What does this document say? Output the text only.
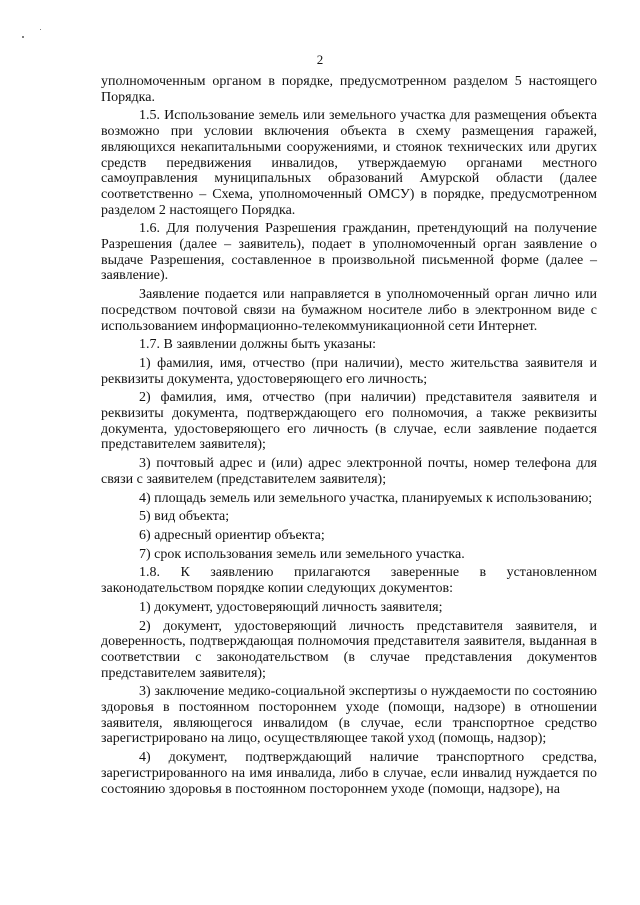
2

уполномоченным органом в порядке, предусмотренном разделом 5 настоящего Порядка.

1.5. Использование земель или земельного участка для размещения объекта возможно при условии включения объекта в схему размещения гаражей, являющихся некапитальными сооружениями, и стоянок технических или других средств передвижения инвалидов, утверждаемую органами местного самоуправления муниципальных образований Амурской области (далее соответственно – Схема, уполномоченный ОМСУ) в порядке, предусмотренном разделом 2 настоящего Порядка.

1.6. Для получения Разрешения гражданин, претендующий на получение Разрешения (далее – заявитель), подает в уполномоченный орган заявление о выдаче Разрешения, составленное в произвольной письменной форме (далее – заявление).

Заявление подается или направляется в уполномоченный орган лично или посредством почтовой связи на бумажном носителе либо в электронном виде с использованием информационно-телекоммуникационной сети Интернет.

1.7. В заявлении должны быть указаны:

1) фамилия, имя, отчество (при наличии), место жительства заявителя и реквизиты документа, удостоверяющего его личность;

2) фамилия, имя, отчество (при наличии) представителя заявителя и реквизиты документа, подтверждающего его полномочия, а также реквизиты документа, удостоверяющего его личность (в случае, если заявление подается представителем заявителя);

3) почтовый адрес и (или) адрес электронной почты, номер телефона для связи с заявителем (представителем заявителя);

4) площадь земель или земельного участка, планируемых к использованию;

5) вид объекта;

6) адресный ориентир объекта;

7) срок использования земель или земельного участка.

1.8. К заявлению прилагаются заверенные в установленном законодательством порядке копии следующих документов:

1) документ, удостоверяющий личность заявителя;

2) документ, удостоверяющий личность представителя заявителя, и доверенность, подтверждающая полномочия представителя заявителя, выданная в соответствии с законодательством (в случае представления документов представителем заявителя);

3) заключение медико-социальной экспертизы о нуждаемости по состоянию здоровья в постоянном постороннем уходе (помощи, надзоре) в отношении заявителя, являющегося инвалидом (в случае, если транспортное средство зарегистрировано на лицо, осуществляющее такой уход (помощь, надзор);

4) документ, подтверждающий наличие транспортного средства, зарегистрированного на имя инвалида, либо в случае, если инвалид нуждается по состоянию здоровья в постоянном постороннем уходе (помощи, надзоре), на
